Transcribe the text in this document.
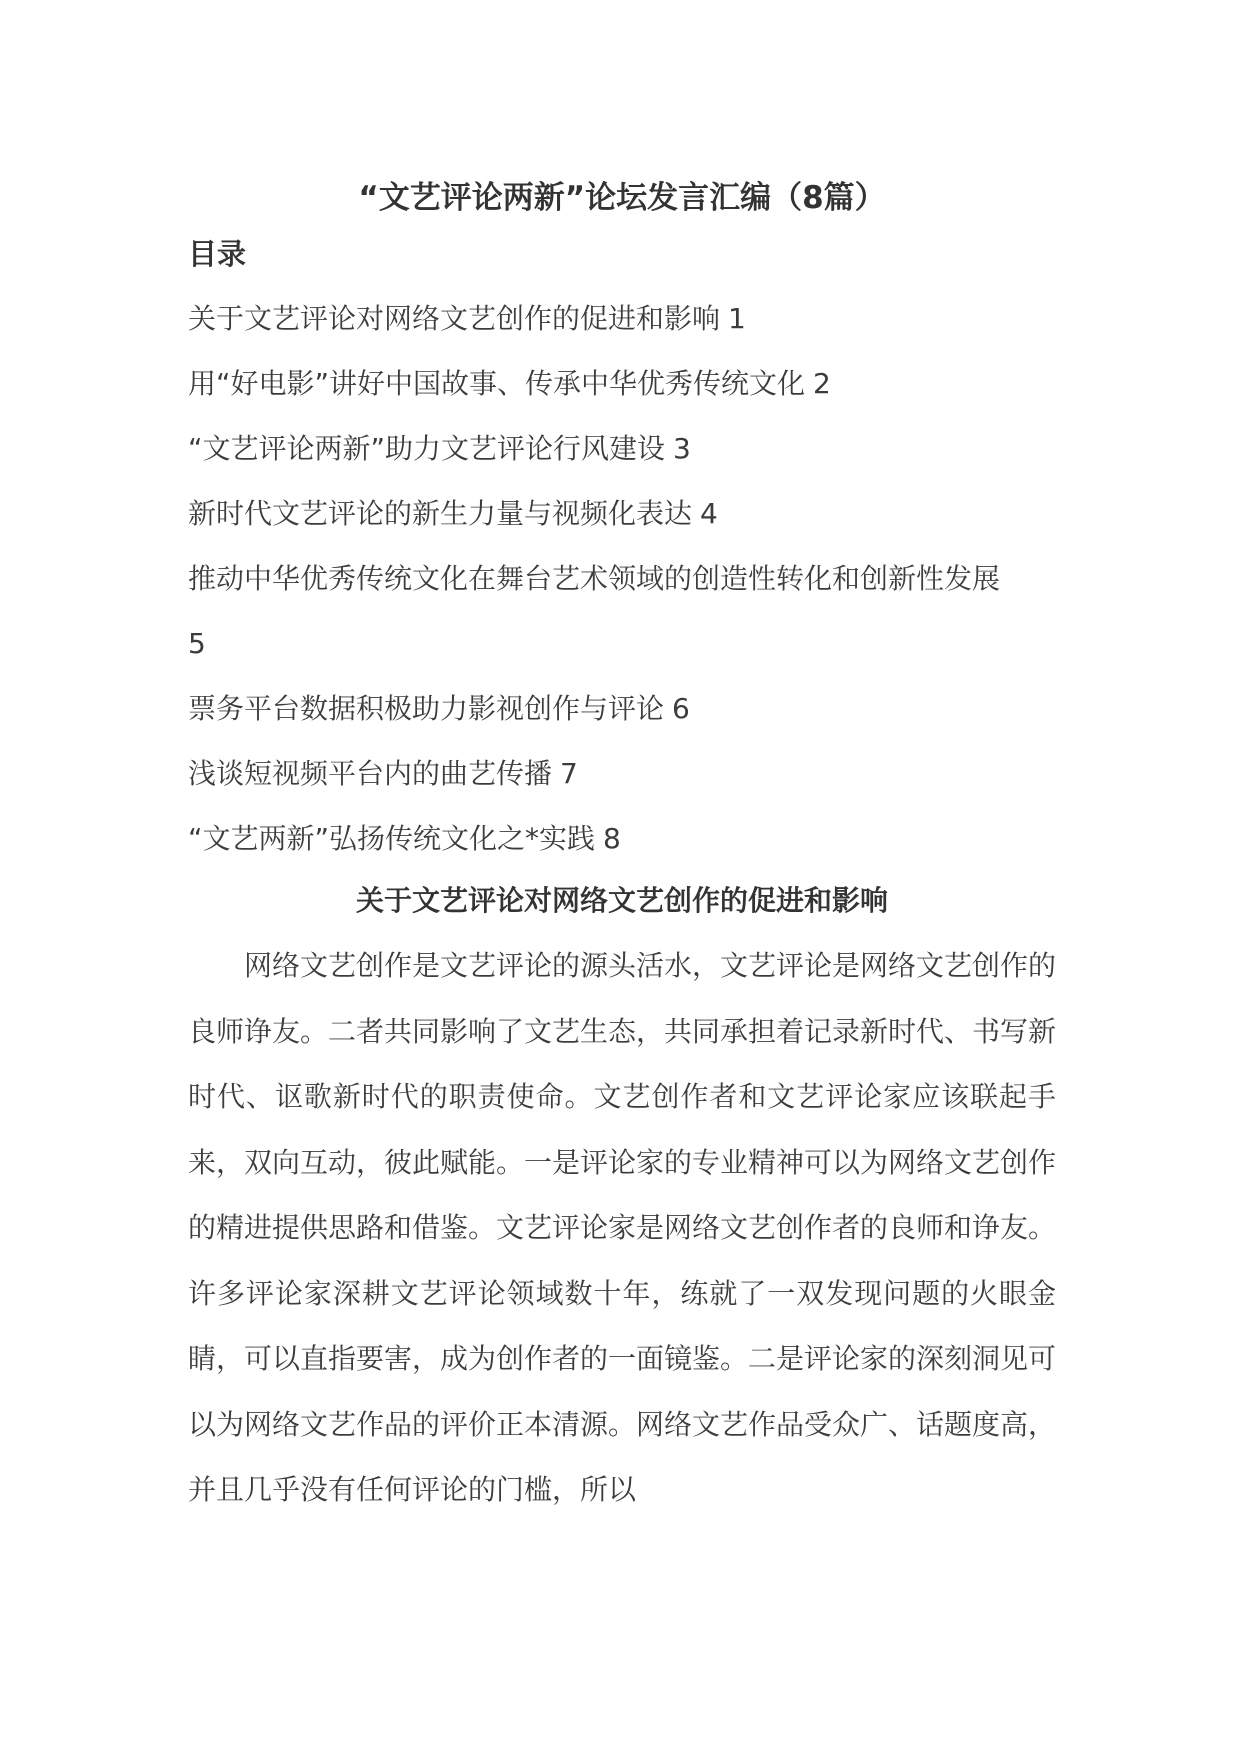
“文艺评论两新”论坛发言汇编（8篇）
目录
关于文艺评论对网络文艺创作的促进和影响 1
用“好电影”讲好中国故事、传承中华优秀传统文化 2
“文艺评论两新”助力文艺评论行风建设 3
新时代文艺评论的新生力量与视频化表达 4
推动中华优秀传统文化在舞台艺术领域的创造性转化和创新性发展
5
票务平台数据积极助力影视创作与评论 6
浅谈短视频平台内的曲艺传播 7
“文艺两新”弘扬传统文化之*实践 8
关于文艺评论对网络文艺创作的促进和影响

网络文艺创作是文艺评论的源头活水，文艺评论是网络文艺创作的良师诤友。二者共同影响了文艺生态，共同承担着记录新时代、书写新时代、讴歌新时代的职责使命。文艺创作者和文艺评论家应该联起手来，双向互动，彼此赋能。一是评论家的专业精神可以为网络文艺创作的精进提供思路和借鉴。文艺评论家是网络文艺创作者的良师和诤友。许多评论家深耕文艺评论领域数十年，练就了一双发现问题的火眼金睛，可以直指要害，成为创作者的一面镜鉴。二是评论家的深刻洞见可以为网络文艺作品的评价正本清源。网络文艺作品受众广、话题度高，并且几乎没有任何评论的门槛，所以
